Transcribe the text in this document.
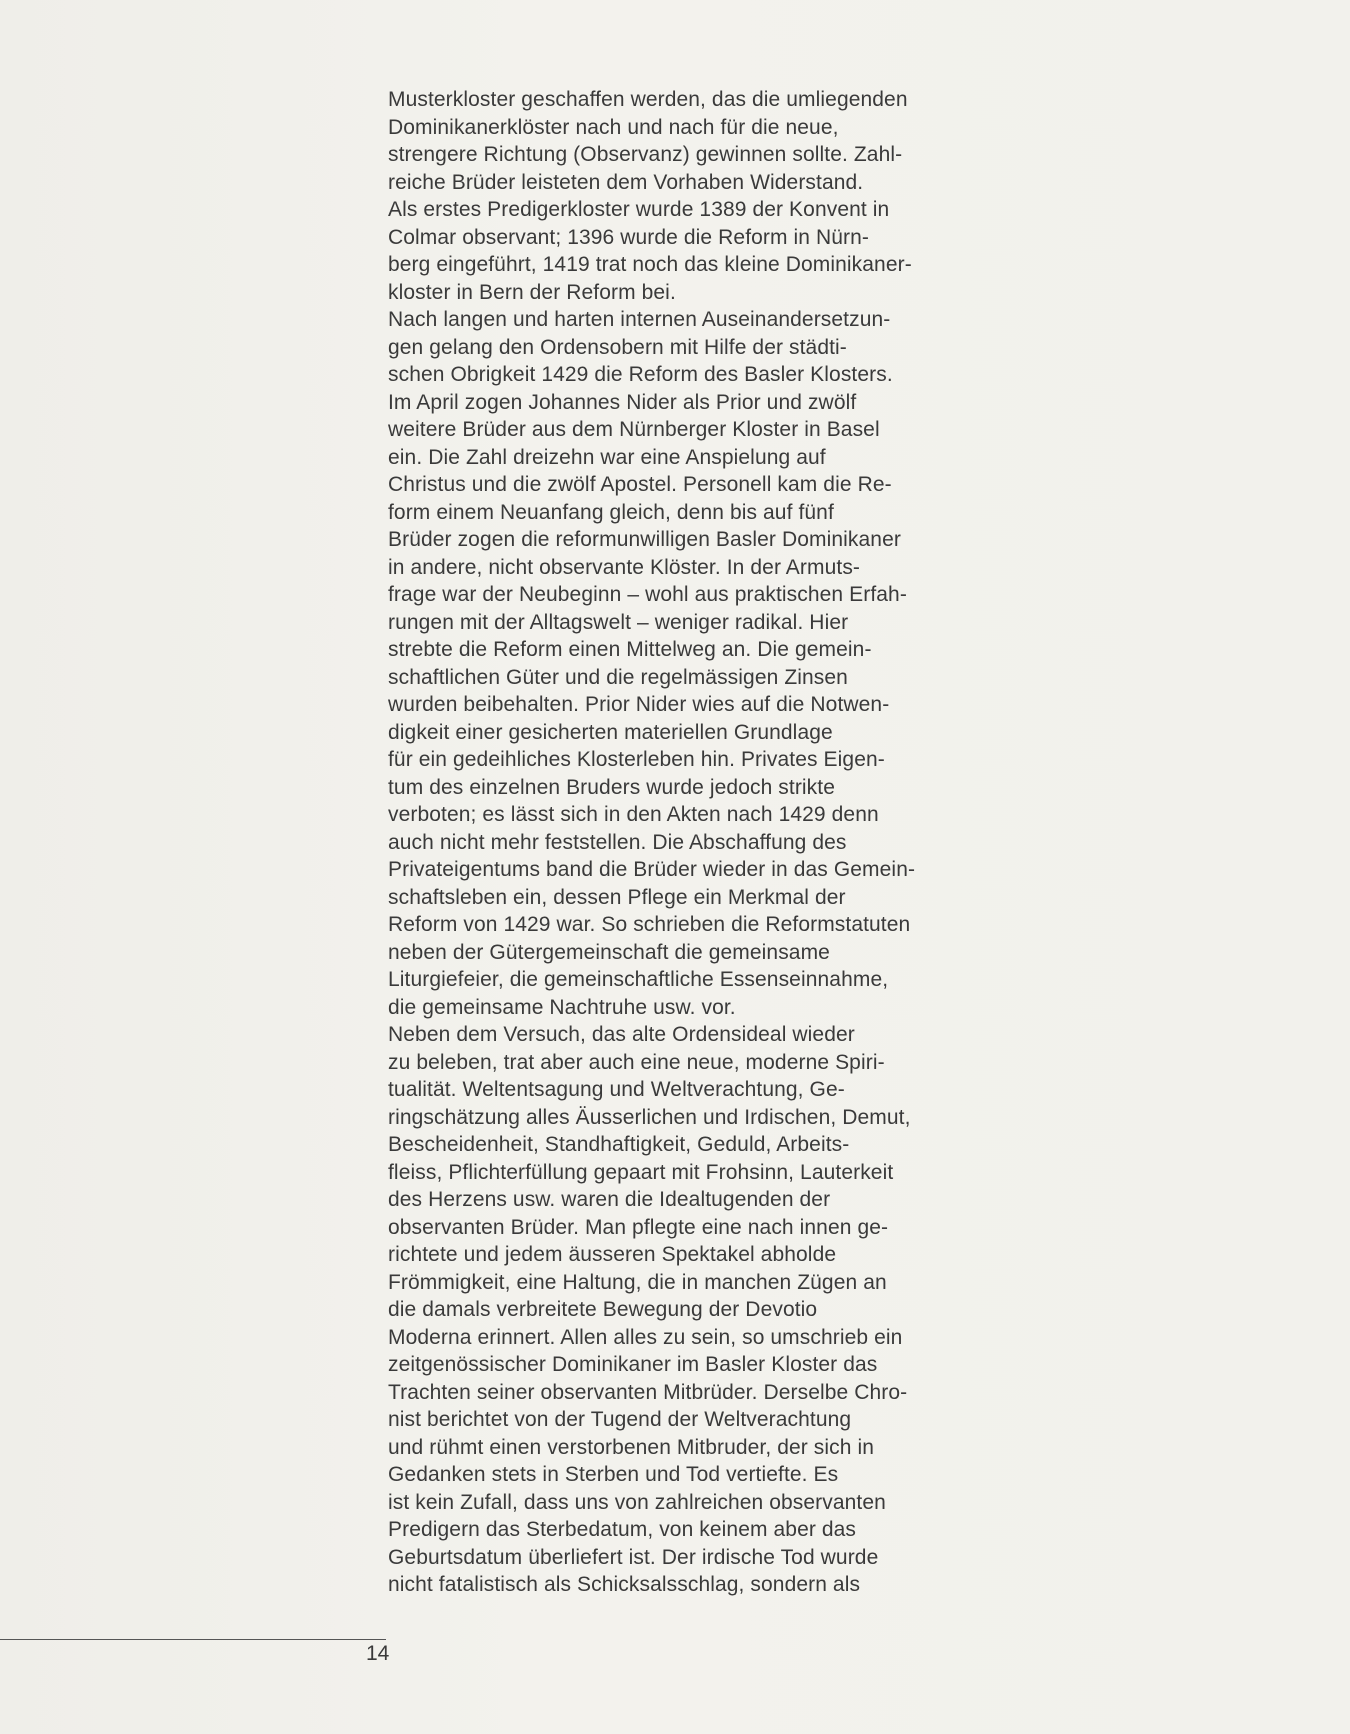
Musterkloster geschaffen werden, das die umliegenden
Dominikanerklöster nach und nach für die neue,
strengere Richtung (Observanz) gewinnen sollte. Zahl-
reiche Brüder leisteten dem Vorhaben Widerstand.
Als erstes Predigerkloster wurde 1389 der Konvent in
Colmar observant; 1396 wurde die Reform in Nürn-
berg eingeführt, 1419 trat noch das kleine Dominikaner-
kloster in Bern der Reform bei.
Nach langen und harten internen Auseinandersetzun-
gen gelang den Ordensobern mit Hilfe der städti-
schen Obrigkeit 1429 die Reform des Basler Klosters.
Im April zogen Johannes Nider als Prior und zwölf
weitere Brüder aus dem Nürnberger Kloster in Basel
ein. Die Zahl dreizehn war eine Anspielung auf
Christus und die zwölf Apostel. Personell kam die Re-
form einem Neuanfang gleich, denn bis auf fünf
Brüder zogen die reformunwilligen Basler Dominikaner
in andere, nicht observante Klöster. In der Armuts-
frage war der Neubeginn – wohl aus praktischen Erfah-
rungen mit der Alltagswelt – weniger radikal. Hier
strebte die Reform einen Mittelweg an. Die gemein-
schaftlichen Güter und die regelmässigen Zinsen
wurden beibehalten. Prior Nider wies auf die Notwen-
digkeit einer gesicherten materiellen Grundlage
für ein gedeihliches Klosterleben hin. Privates Eigen-
tum des einzelnen Bruders wurde jedoch strikte
verboten; es lässt sich in den Akten nach 1429 denn
auch nicht mehr feststellen. Die Abschaffung des
Privateigentums band die Brüder wieder in das Gemein-
schaftsleben ein, dessen Pflege ein Merkmal der
Reform von 1429 war. So schrieben die Reformstatuten
neben der Gütergemeinschaft die gemeinsame
Liturgiefeier, die gemeinschaftliche Essenseinnahme,
die gemeinsame Nachtruhe usw. vor.
Neben dem Versuch, das alte Ordensideal wieder
zu beleben, trat aber auch eine neue, moderne Spiri-
tualität. Weltentsagung und Weltverachtung, Ge-
ringschätzung alles Äusserlichen und Irdischen, Demut,
Bescheidenheit, Standhaftigkeit, Geduld, Arbeits-
fleiss, Pflichterfüllung gepaart mit Frohsinn, Lauterkeit
des Herzens usw. waren die Idealtugenden der
observanten Brüder. Man pflegte eine nach innen ge-
richtete und jedem äusseren Spektakel abholde
Frömmigkeit, eine Haltung, die in manchen Zügen an
die damals verbreitete Bewegung der Devotio
Moderna erinnert. Allen alles zu sein, so umschrieb ein
zeitgenössischer Dominikaner im Basler Kloster das
Trachten seiner observanten Mitbrüder. Derselbe Chro-
nist berichtet von der Tugend der Weltverachtung
und rühmt einen verstorbenen Mitbruder, der sich in
Gedanken stets in Sterben und Tod vertiefte. Es
ist kein Zufall, dass uns von zahlreichen observanten
Predigern das Sterbedatum, von keinem aber das
Geburtsdatum überliefert ist. Der irdische Tod wurde
nicht fatalistisch als Schicksalsschlag, sondern als
14
